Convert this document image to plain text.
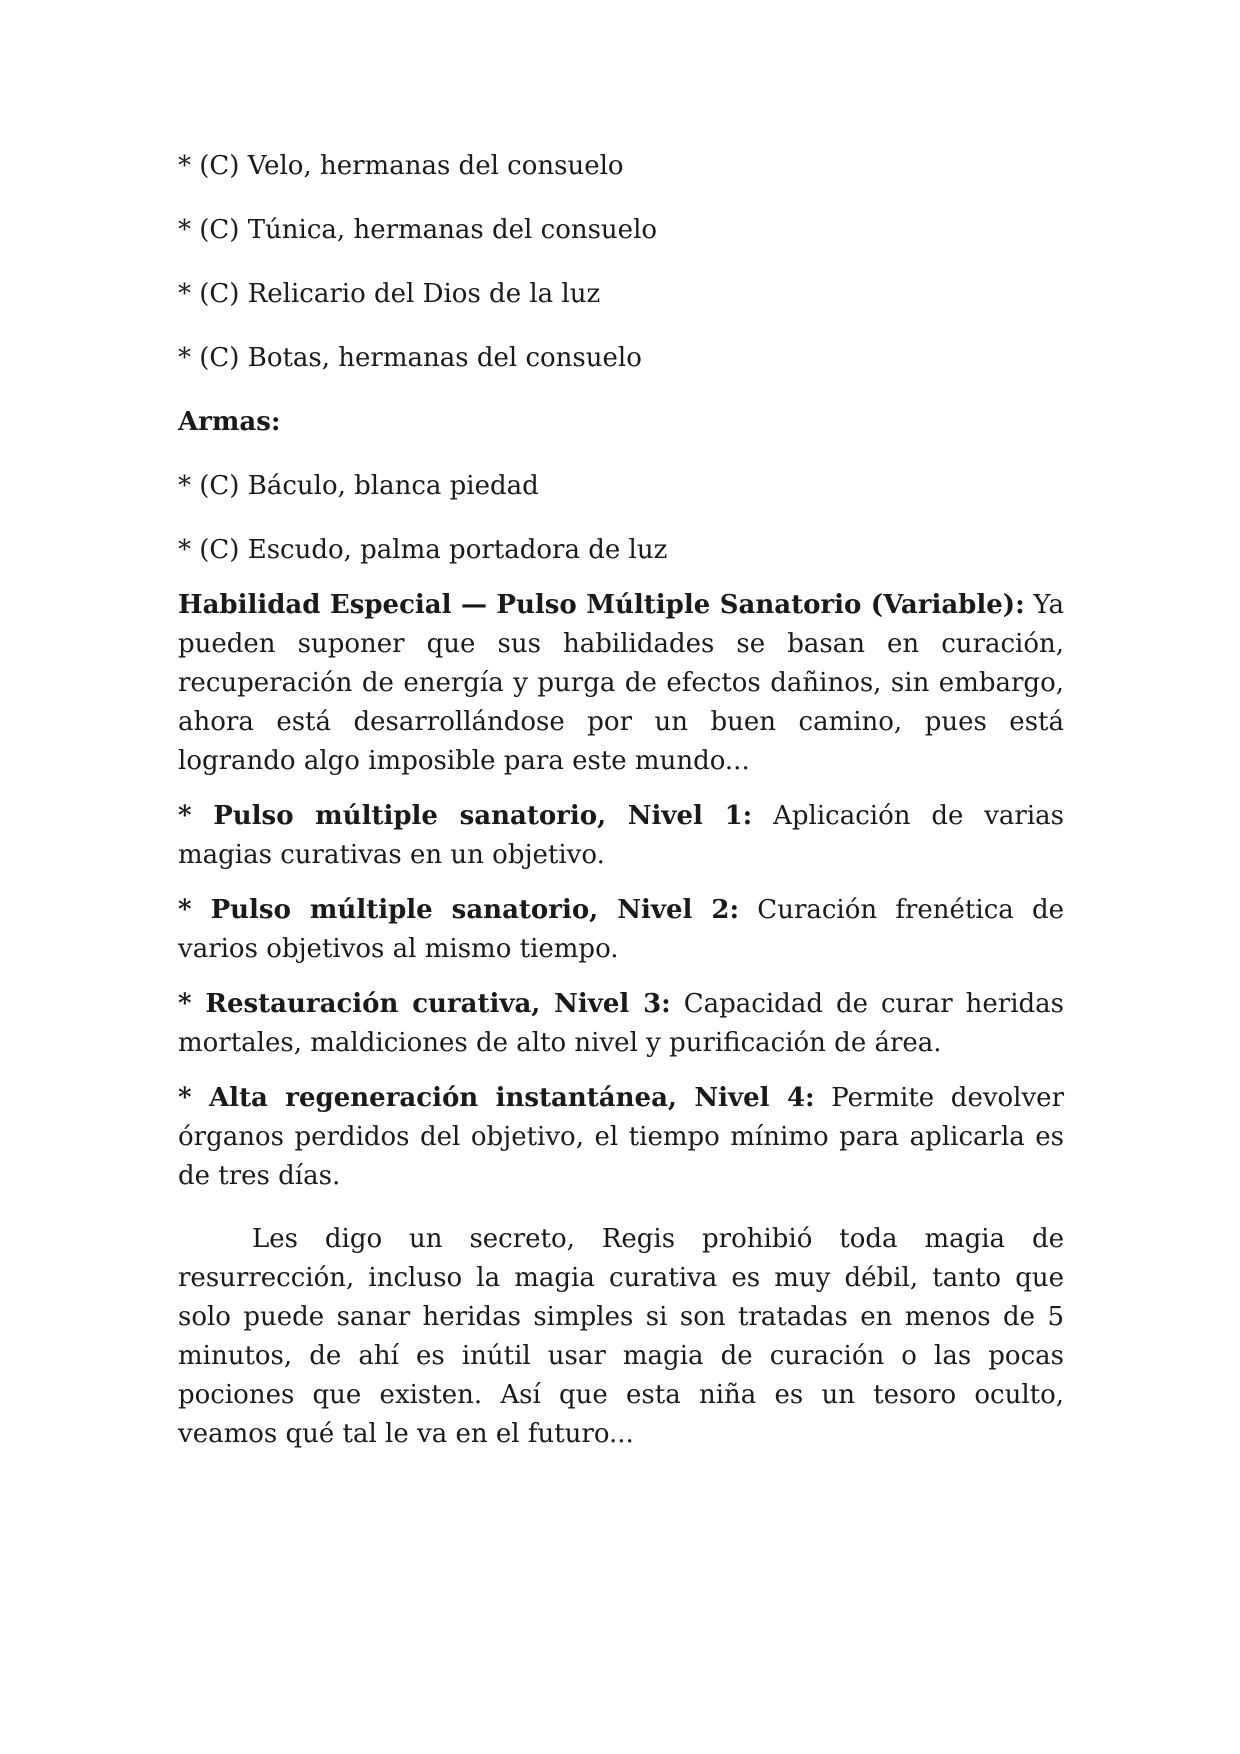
* (C) Velo, hermanas del consuelo

* (C) Túnica, hermanas del consuelo

* (C) Relicario del Dios de la luz

* (C) Botas, hermanas del consuelo

Armas:

* (C) Báculo, blanca piedad

* (C) Escudo, palma portadora de luz

Habilidad Especial — Pulso Múltiple Sanatorio (Variable): Ya pueden suponer que sus habilidades se basan en curación, recuperación de energía y purga de efectos dañinos, sin embargo, ahora está desarrollándose por un buen camino, pues está logrando algo imposible para este mundo...

* Pulso múltiple sanatorio, Nivel 1: Aplicación de varias magias curativas en un objetivo.

* Pulso múltiple sanatorio, Nivel 2: Curación frenética de varios objetivos al mismo tiempo.

* Restauración curativa, Nivel 3: Capacidad de curar heridas mortales, maldiciones de alto nivel y purificación de área.

* Alta regeneración instantánea, Nivel 4: Permite devolver órganos perdidos del objetivo, el tiempo mínimo para aplicarla es de tres días.

Les digo un secreto, Regis prohibió toda magia de resurrección, incluso la magia curativa es muy débil, tanto que solo puede sanar heridas simples si son tratadas en menos de 5 minutos, de ahí es inútil usar magia de curación o las pocas pociones que existen. Así que esta niña es un tesoro oculto, veamos qué tal le va en el futuro...
